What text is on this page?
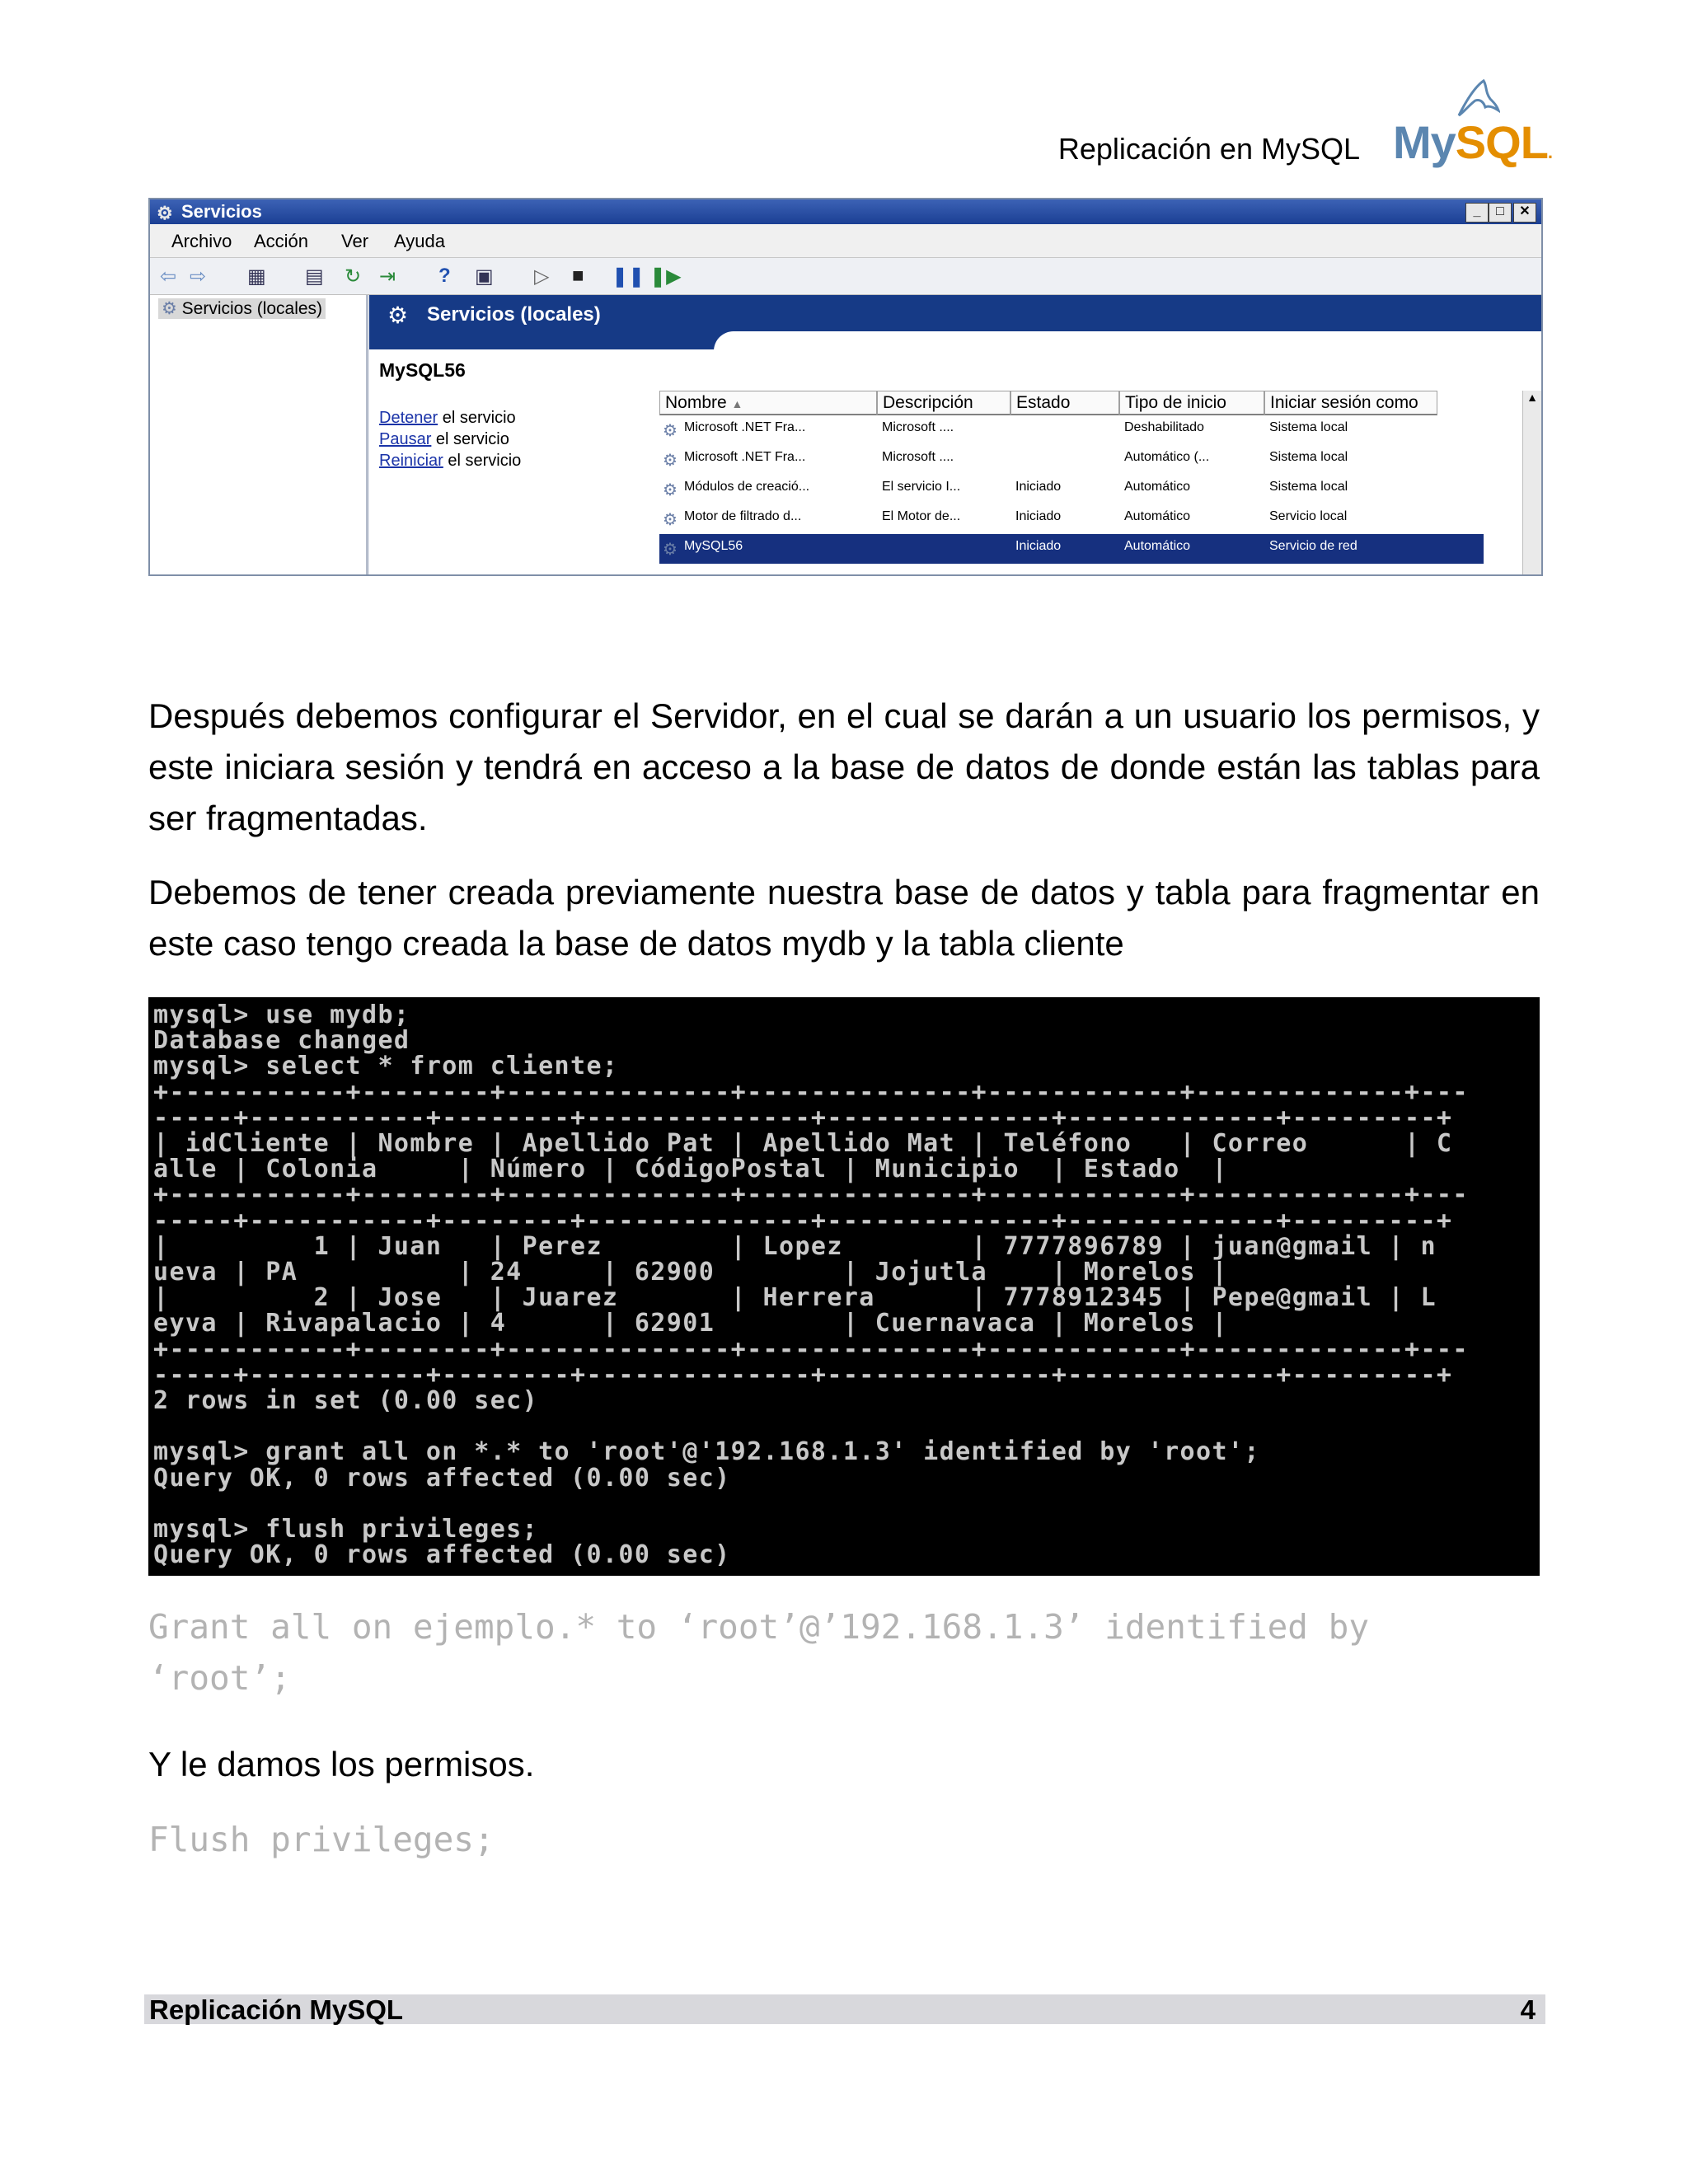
Replicación en MySQL MySQL.
⚙ Servicios	_	□	✕
Archivo Acción Ver Ayuda
⇦ ⇨ ▦ ▤ ↻ ⇥ ? ▣ ▷ ■ ❚❚ ❚▶
⚙ Servicios (locales)	⚙ Servicios (locales)
MySQL56
Detener el servicio
Pausar el servicio
Reiniciar el servicio
Nombre ▲	Descripción	Estado	Tipo de inicio	Iniciar sesión como
⚙ Microsoft .NET Fra...	Microsoft ....	Deshabilitado	Sistema local
⚙ Microsoft .NET Fra...	Microsoft ....	Automático (...	Sistema local
⚙ Módulos de creació...	El servicio I...	Iniciado	Automático	Sistema local
⚙ Motor de filtrado d...	El Motor de...	Iniciado	Automático	Servicio local
⚙ MySQL56	Iniciado	Automático	Servicio de red
▲
Después debemos configurar el Servidor, en el cual se darán a un usuario los permisos, y este iniciara sesión y tendrá en acceso a la base de datos de donde están las tablas para ser fragmentadas.
Debemos de tener creada previamente nuestra base de datos y tabla para fragmentar en este caso tengo creada la base de datos mydb y la tabla cliente
mysql> use mydb;
Database changed
mysql> select * from cliente;
+-----------+--------+--------------+--------------+------------+-------------+---
-----+-----------+--------+--------------+--------------+-------------+---------+
| idCliente | Nombre | Apellido Pat | Apellido Mat | Teléfono   | Correo      | C
alle | Colonia     | Número | CódigoPostal | Municipio  | Estado  |
+-----------+--------+--------------+--------------+------------+-------------+---
-----+-----------+--------+--------------+--------------+-------------+---------+
|         1 | Juan   | Perez        | Lopez        | 7777896789 | juan@gmail | n
ueva | PA          | 24     | 62900        | Jojutla    | Morelos |
|         2 | Jose   | Juarez       | Herrera      | 7778912345 | Pepe@gmail | L
eyva | Rivapalacio | 4      | 62901        | Cuernavaca | Morelos |
+-----------+--------+--------------+--------------+------------+-------------+---
-----+-----------+--------+--------------+--------------+-------------+---------+
2 rows in set (0.00 sec)
mysql> grant all on *.* to 'root'@'192.168.1.3' identified by 'root';
Query OK, 0 rows affected (0.00 sec)
mysql> flush privileges;
Query OK, 0 rows affected (0.00 sec)
Grant all on ejemplo.* to ‘root’@’192.168.1.3’ identified by
‘root’;
Y le damos los permisos.
Flush privileges;
Replicación MySQL	4
